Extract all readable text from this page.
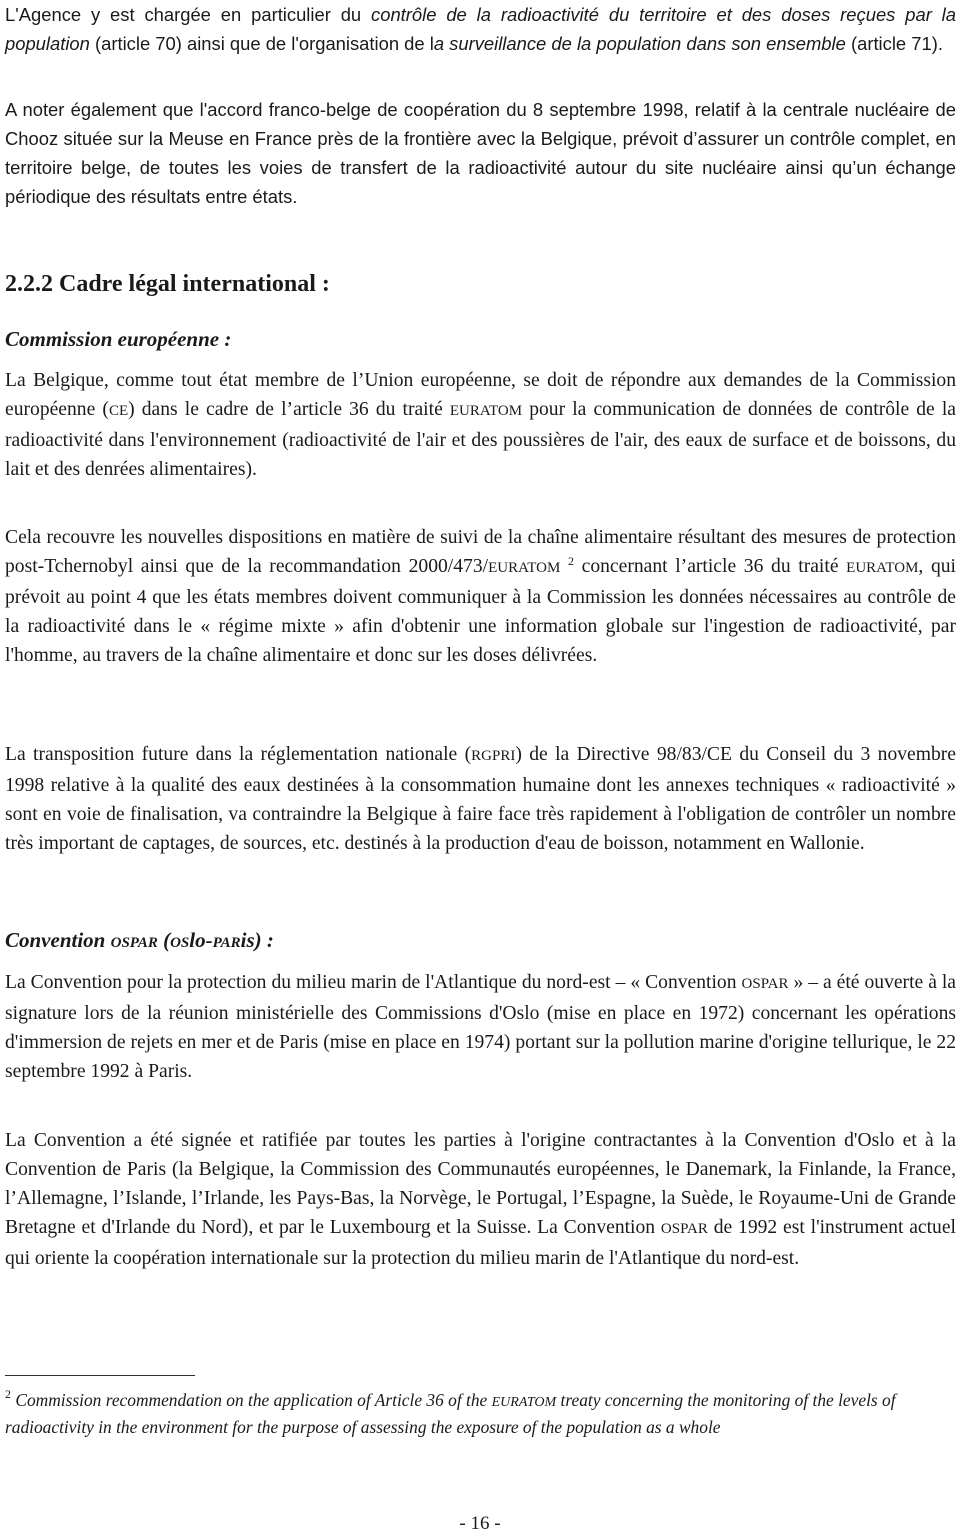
L'Agence y est chargée en particulier du contrôle de la radioactivité du territoire et des doses reçues par la population (article 70) ainsi que de l'organisation de la surveillance de la population dans son ensemble (article 71).

A noter également que l'accord franco-belge de coopération du 8 septembre 1998, relatif à la centrale nucléaire de Chooz située sur la Meuse en France près de la frontière avec la Belgique, prévoit d’assurer un contrôle complet, en territoire belge, de toutes les voies de transfert de la radioactivité autour du site nucléaire ainsi qu’un échange périodique des résultats entre états.

2.2.2 Cadre légal international :
Commission européenne :

La Belgique, comme tout état membre de l’Union européenne, se doit de répondre aux demandes de la Commission européenne (CE) dans le cadre de l’article 36 du traité EURATOM pour la communication de données de contrôle de la radioactivité dans l'environnement (radioactivité de l'air et des poussières de l'air, des eaux de surface et de boissons, du lait et des denrées alimentaires).

Cela recouvre les nouvelles dispositions en matière de suivi de la chaîne alimentaire résultant des mesures de protection post-Tchernobyl ainsi que de la recommandation 2000/473/EURATOM $^2$ concernant l’article 36 du traité EURATOM, qui prévoit au point 4 que les états membres doivent communiquer à la Commission les données nécessaires au contrôle de la radioactivité dans le « régime mixte » afin d'obtenir une information globale sur l'ingestion de radioactivité, par l'homme, au travers de la chaîne alimentaire et donc sur les doses délivrées.

La transposition future dans la réglementation nationale (RGPRI) de la Directive 98/83/CE du Conseil du 3 novembre 1998 relative à la qualité des eaux destinées à la consommation humaine dont les annexes techniques « radioactivité » sont en voie de finalisation, va contraindre la Belgique à faire face très rapidement à l'obligation de contrôler un nombre très important de captages, de sources, etc. destinés à la production d'eau de boisson, notamment en Wallonie.

Convention OSPAR (OSlo-PARis) :

La Convention pour la protection du milieu marin de l'Atlantique du nord-est – « Convention OSPAR » – a été ouverte à la signature lors de la réunion ministérielle des Commissions d'Oslo (mise en place en 1972) concernant les opérations d'immersion de rejets en mer et de Paris (mise en place en 1974) portant sur la pollution marine d'origine tellurique, le 22 septembre 1992 à Paris.

La Convention a été signée et ratifiée par toutes les parties à l'origine contractantes à la Convention d'Oslo et à la Convention de Paris (la Belgique, la Commission des Communautés européennes, le Danemark, la Finlande, la France, l’Allemagne, l’Islande, l’Irlande, les Pays-Bas, la Norvège, le Portugal, l’Espagne, la Suède, le Royaume-Uni de Grande Bretagne et d'Irlande du Nord), et par le Luxembourg et la Suisse. La Convention OSPAR de 1992 est l'instrument actuel qui oriente la coopération internationale sur la protection du milieu marin de l'Atlantique du nord-est.

$^2$ Commission recommendation on the application of Article 36 of the EURATOM treaty concerning the monitoring of the levels of radioactivity in the environment for the purpose of assessing the exposure of the population as a whole

- 16 -
